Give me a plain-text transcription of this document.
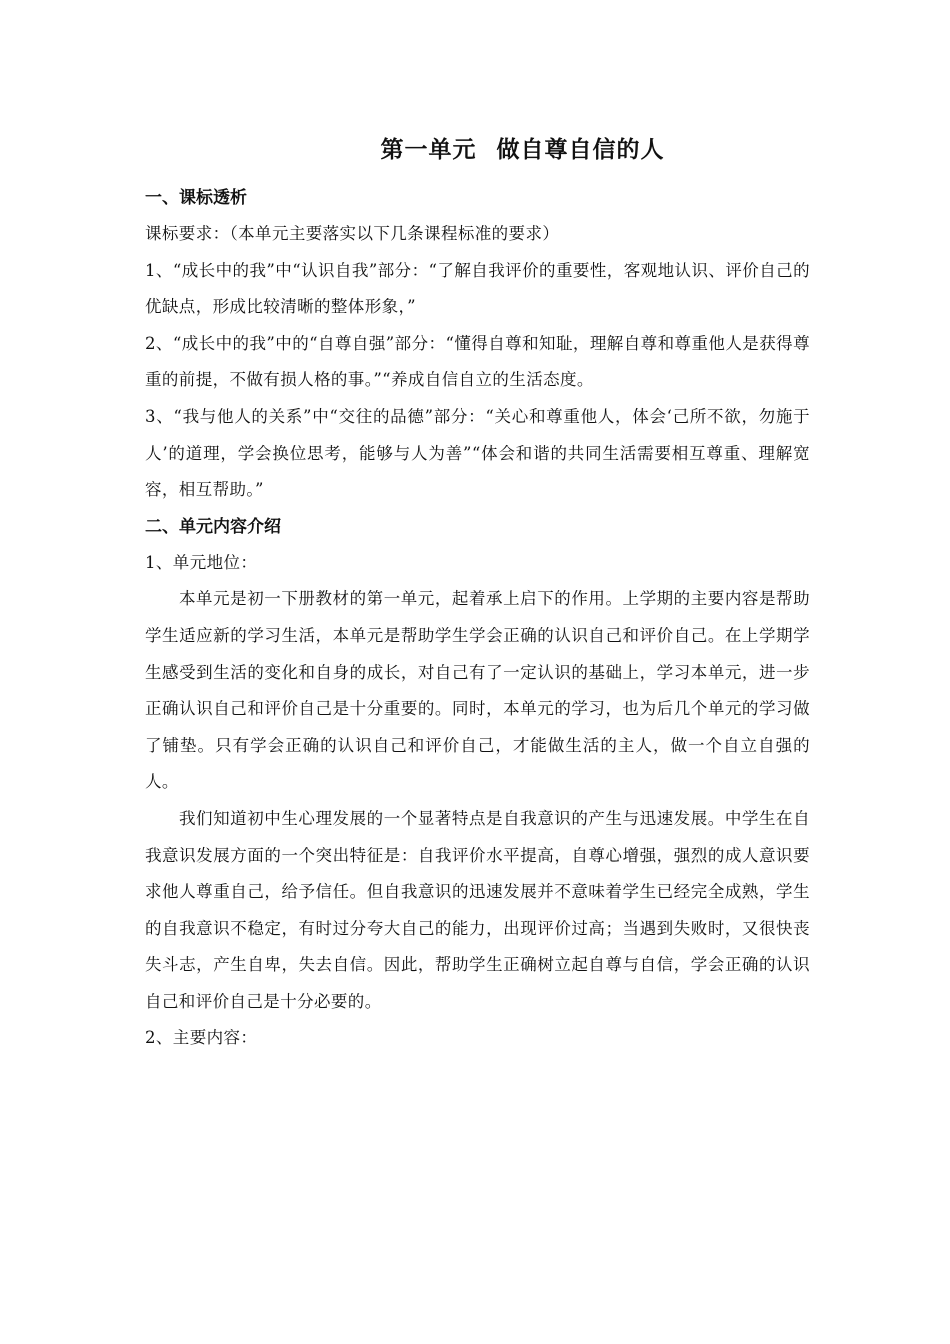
第一单元 做自尊自信的人
一、课标透析
课标要求：（本单元主要落实以下几条课程标准的要求）
1、“成长中的我”中“认识自我”部分：“了解自我评价的重要性，客观地认识、评价自己的优缺点，形成比较清晰的整体形象，”
2、“成长中的我”中的“自尊自强”部分：“懂得自尊和知耻，理解自尊和尊重他人是获得尊重的前提，不做有损人格的事。”“养成自信自立的生活态度。
3、“我与他人的关系”中“交往的品德”部分：“关心和尊重他人，体会‘己所不欲，勿施于人’的道理，学会换位思考，能够与人为善”“体会和谐的共同生活需要相互尊重、理解宽容，相互帮助。”
二、单元内容介绍
1、单元地位：
本单元是初一下册教材的第一单元，起着承上启下的作用。上学期的主要内容是帮助学生适应新的学习生活，本单元是帮助学生学会正确的认识自己和评价自己。在上学期学生感受到生活的变化和自身的成长，对自己有了一定认识的基础上，学习本单元，进一步正确认识自己和评价自己是十分重要的。同时，本单元的学习，也为后几个单元的学习做了铺垫。只有学会正确的认识自己和评价自己，才能做生活的主人，做一个自立自强的人。
我们知道初中生心理发展的一个显著特点是自我意识的产生与迅速发展。中学生在自我意识发展方面的一个突出特征是：自我评价水平提高，自尊心增强，强烈的成人意识要求他人尊重自己，给予信任。但自我意识的迅速发展并不意味着学生已经完全成熟，学生的自我意识不稳定，有时过分夸大自己的能力，出现评价过高；当遇到失败时，又很快丧失斗志，产生自卑，失去自信。因此，帮助学生正确树立起自尊与自信，学会正确的认识自己和评价自己是十分必要的。
2、主要内容：
